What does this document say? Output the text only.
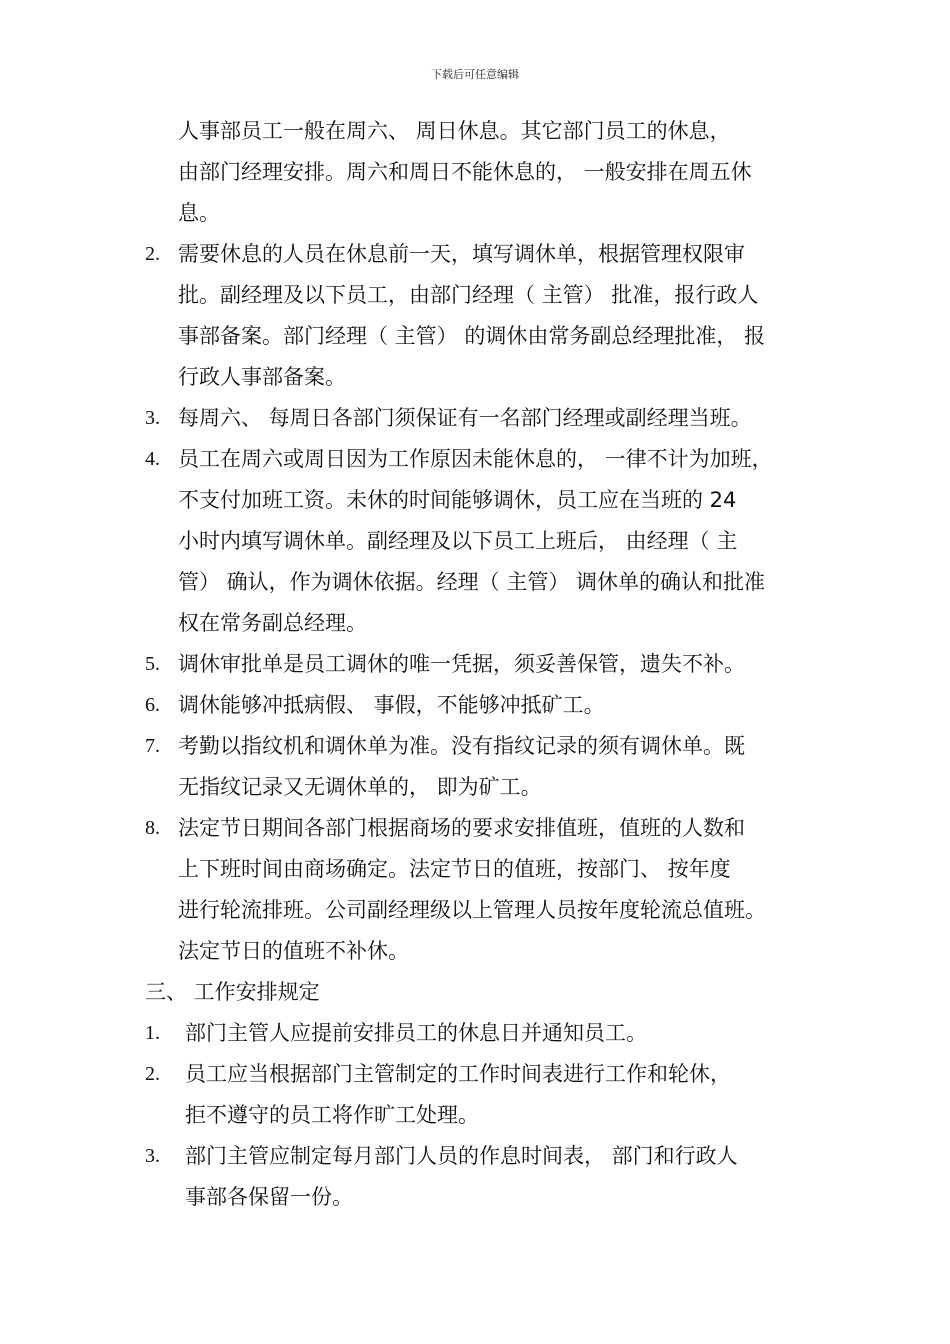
下载后可任意编辑
人事部员工一般在周六、 周日休息。其它部门员工的休息，
由部门经理安排。周六和周日不能休息的， 一般安排在周五休
息。
2. 需要休息的人员在休息前一天，填写调休单，根据管理权限审
批。副经理及以下员工，由部门经理（ 主管） 批准，报行政人
事部备案。部门经理（ 主管） 的调休由常务副总经理批准， 报
行政人事部备案。
3. 每周六、 每周日各部门须保证有一名部门经理或副经理当班。
4. 员工在周六或周日因为工作原因未能休息的， 一律不计为加班，
不支付加班工资。未休的时间能够调休，员工应在当班的 24
小时内填写调休单。副经理及以下员工上班后， 由经理（ 主
管） 确认，作为调休依据。经理（ 主管） 调休单的确认和批准
权在常务副总经理。
5. 调休审批单是员工调休的唯一凭据，须妥善保管，遗失不补。
6. 调休能够冲抵病假、 事假，不能够冲抵矿工。
7. 考勤以指纹机和调休单为准。没有指纹记录的须有调休单。既
无指纹记录又无调休单的， 即为矿工。
8. 法定节日期间各部门根据商场的要求安排值班，值班的人数和
上下班时间由商场确定。法定节日的值班，按部门、 按年度
进行轮流排班。公司副经理级以上管理人员按年度轮流总值班。
法定节日的值班不补休。
三、 工作安排规定
1. 部门主管人应提前安排员工的休息日并通知员工。
2. 员工应当根据部门主管制定的工作时间表进行工作和轮休，
拒不遵守的员工将作旷工处理。
3. 部门主管应制定每月部门人员的作息时间表， 部门和行政人
事部各保留一份。
